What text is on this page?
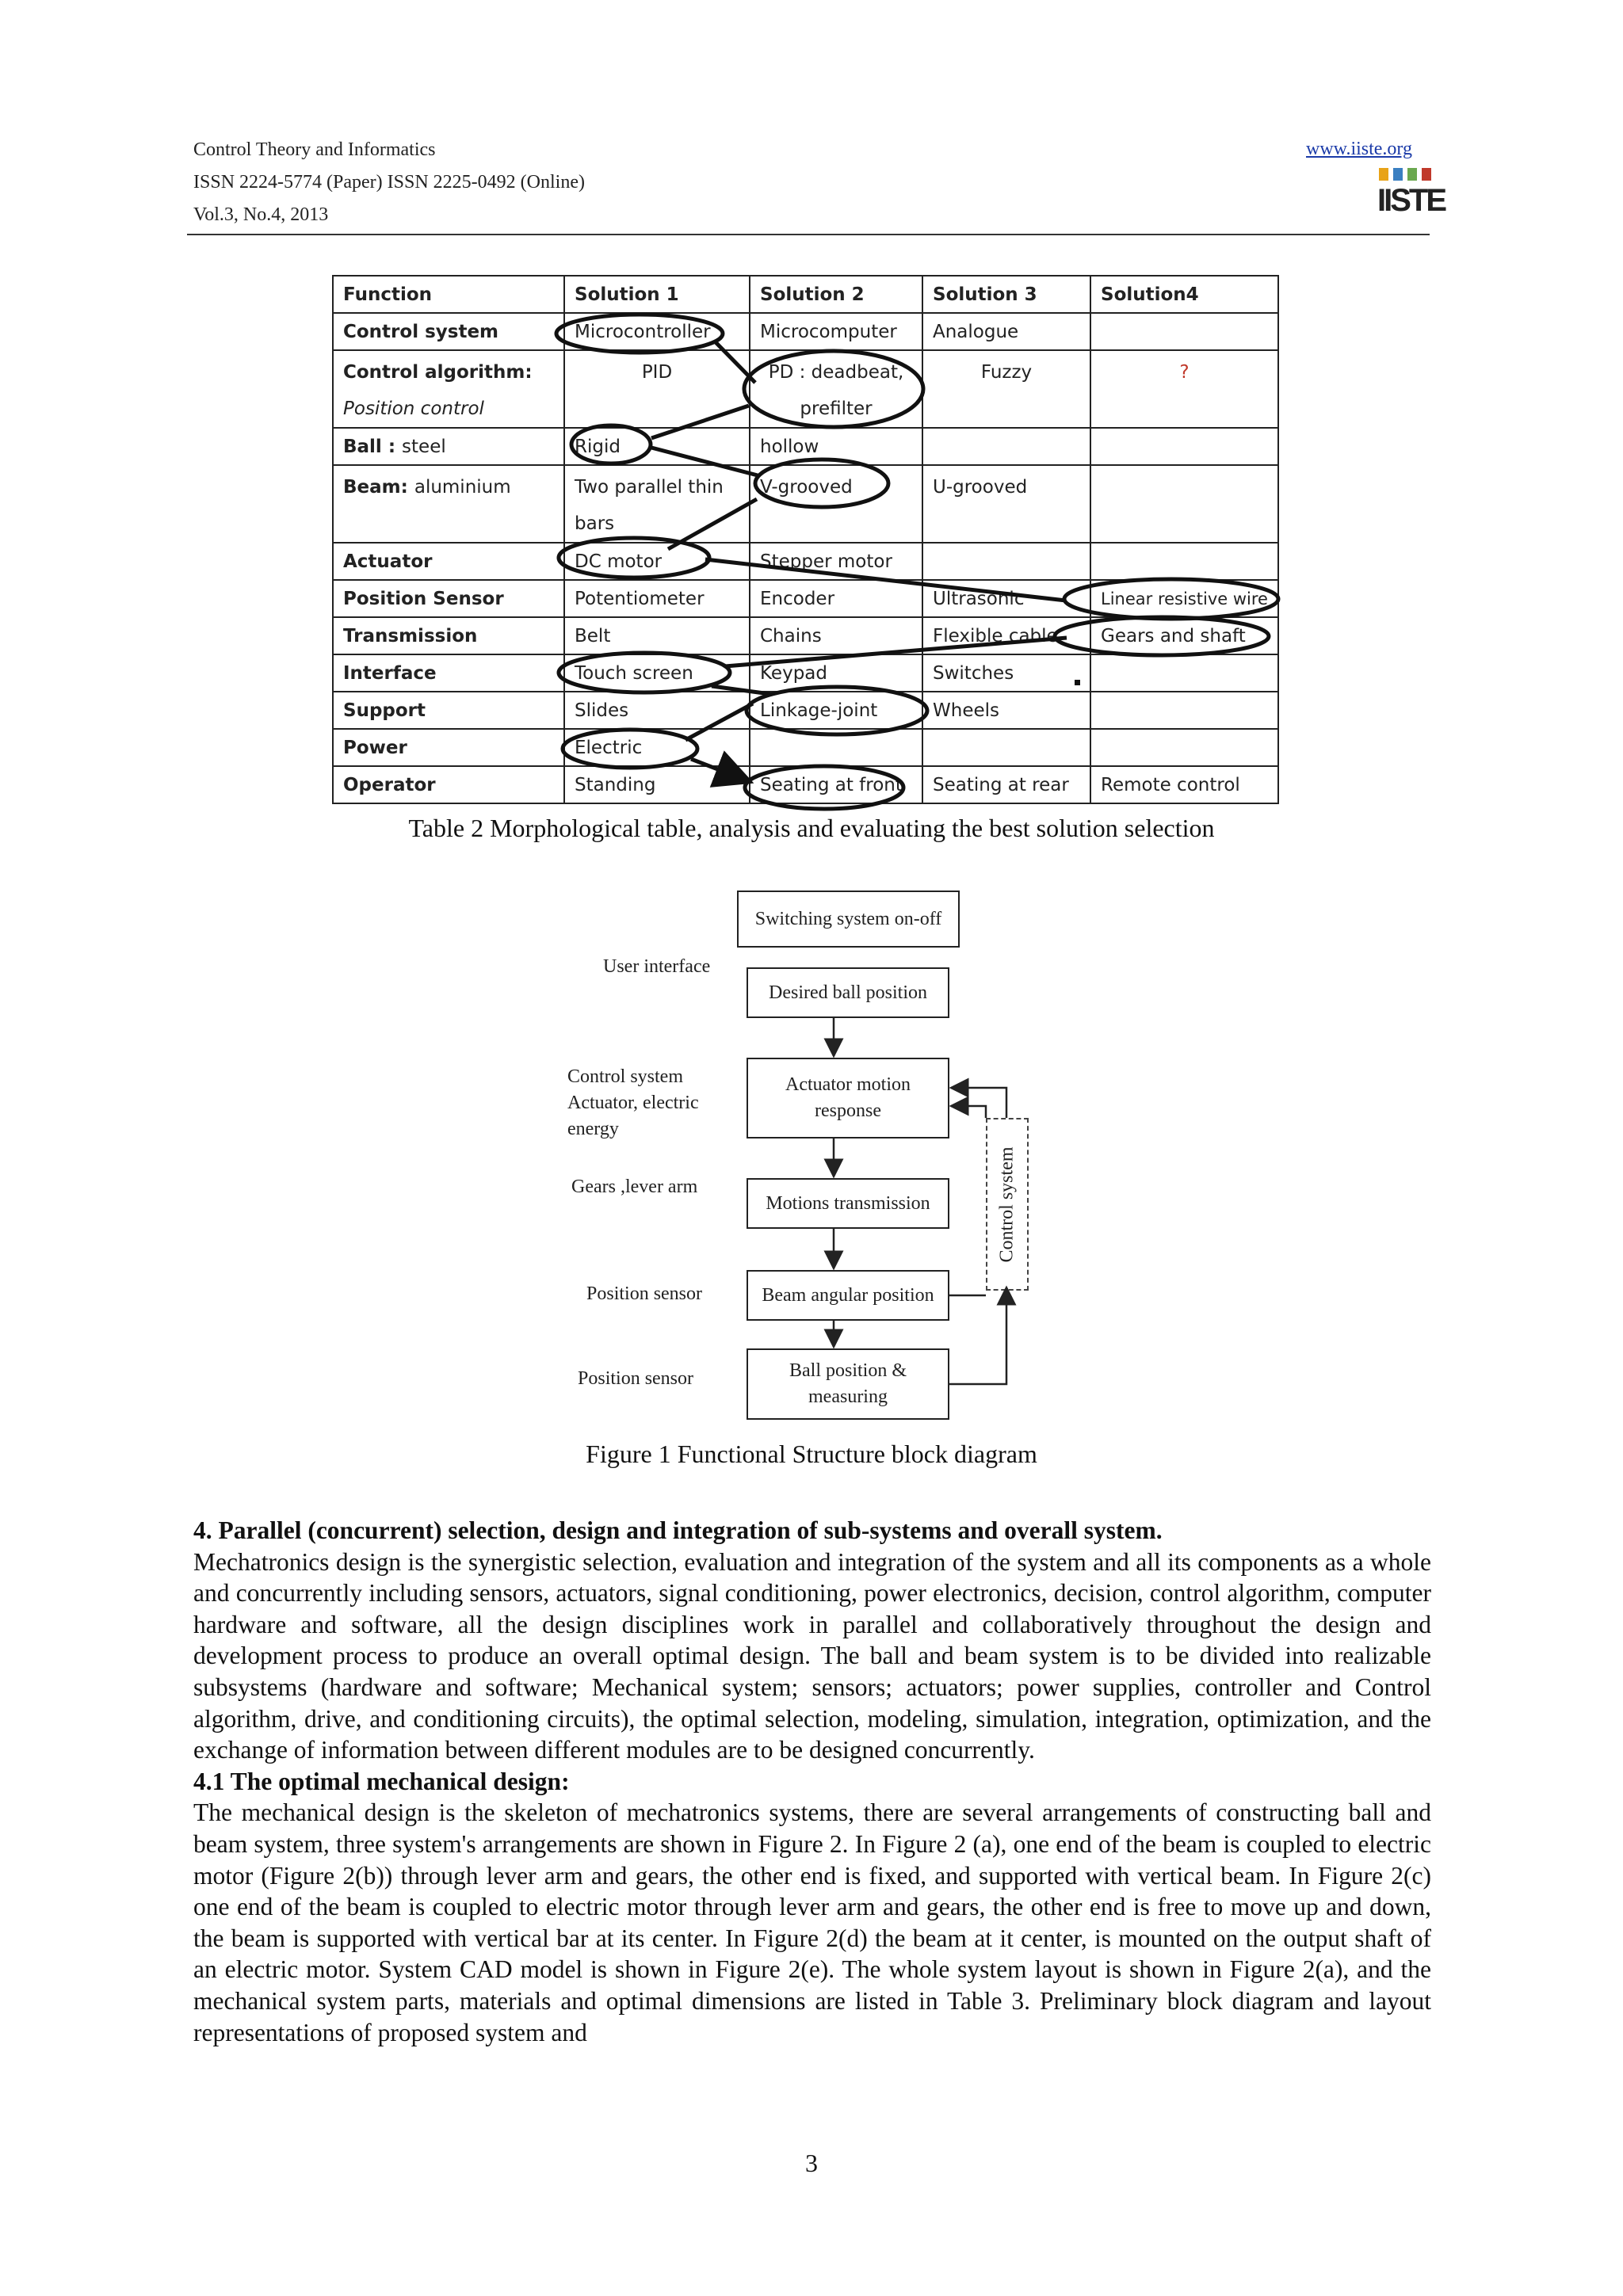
Control Theory and Informatics
ISSN 2224-5774 (Paper) ISSN 2225-0492 (Online)
Vol.3, No.4, 2013
www.iiste.org
IISTE
Function	Solution 1	Solution 2	Solution 3	Solution4
Control system	Microcontroller	Microcomputer	Analogue	
Control algorithm:
Position control	PID	PD : deadbeat, prefilter	Fuzzy	?
Ball : steel	Rigid	hollow		
Beam: aluminium	Two parallel thin bars	V-grooved	U-grooved	
Actuator	DC motor	Stepper motor		
Position Sensor	Potentiometer	Encoder	Ultrasonic	Linear resistive wire
Transmission	Belt	Chains	Flexible cable	Gears and shaft
Interface	Touch screen	Keypad	Switches	
Support	Slides	Linkage-joint	Wheels	
Power	Electric			
Operator	Standing	Seating at front	Seating at rear	Remote control
Table 2 Morphological table, analysis and evaluating the best solution selection
Switching system on-off
Desired ball position
Actuator motion response
Motions transmission
Beam angular position
Ball position & measuring
User interface
Control system
Actuator, electric
energy
Gears ,lever arm
Position sensor
Position sensor
Control system
Figure 1 Functional Structure block diagram

4. Parallel (concurrent) selection, design and integration of sub-systems and overall system.

Mechatronics design is the synergistic selection, evaluation and integration of the system and all its components as a whole and concurrently including sensors, actuators, signal conditioning, power electronics, decision, control algorithm, computer hardware and software, all the design disciplines work in parallel and collaboratively throughout the design and development process to produce an overall optimal design. The ball and beam system is to be divided into realizable subsystems (hardware and software; Mechanical system; sensors; actuators; power supplies, controller and Control algorithm, drive, and conditioning circuits), the optimal selection, modeling, simulation, integration, optimization, and the exchange of information between different modules are to be designed concurrently.

4.1 The optimal mechanical design:

The mechanical design is the skeleton of mechatronics systems, there are several arrangements of constructing ball and beam system, three system's arrangements are shown in Figure 2. In Figure 2 (a), one end of the beam is coupled to electric motor (Figure 2(b)) through lever arm and gears, the other end is fixed, and supported with vertical beam. In Figure 2(c) one end of the beam is coupled to electric motor through lever arm and gears, the other end is free to move up and down, the beam is supported with vertical bar at its center. In Figure 2(d) the beam at it center, is mounted on the output shaft of an electric motor. System CAD model is shown in Figure 2(e). The whole system layout is shown in Figure 2(a), and the mechanical system parts, materials and optimal dimensions are listed in Table 3. Preliminary block diagram and layout representations of proposed system and

3
